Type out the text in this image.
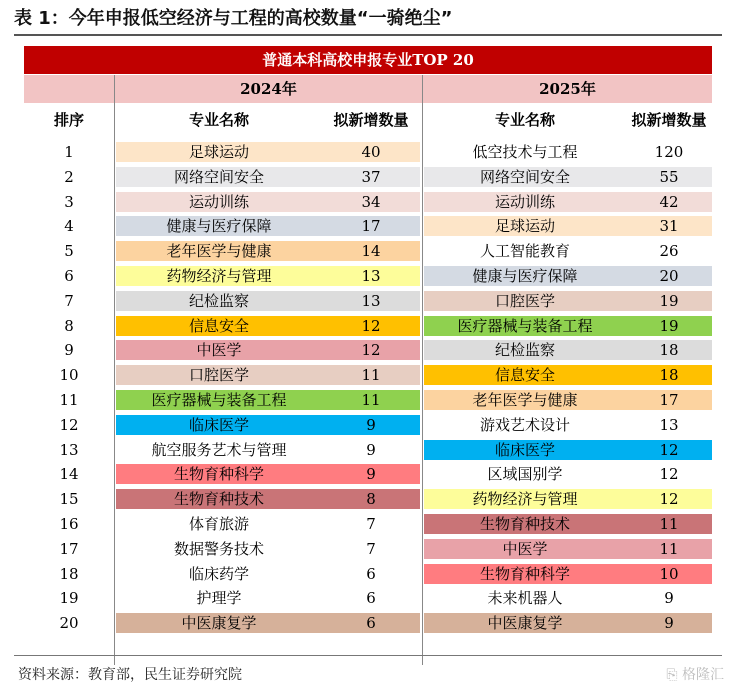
表 1：今年申报低空经济与工程的高校数量“一骑绝尘”
普通本科高校申报专业TOP 20
2024年	2025年
排序	专业名称	拟新增数量	专业名称	拟新增数量
1	足球运动	40	低空技术与工程	120
2	网络空间安全	37	网络空间安全	55
3	运动训练	34	运动训练	42
4	健康与医疗保障	17	足球运动	31
5	老年医学与健康	14	人工智能教育	26
6	药物经济与管理	13	健康与医疗保障	20
7	纪检监察	13	口腔医学	19
8	信息安全	12	医疗器械与装备工程	19
9	中医学	12	纪检监察	18
10	口腔医学	11	信息安全	18
11	医疗器械与装备工程	11	老年医学与健康	17
12	临床医学	9	游戏艺术设计	13
13	航空服务艺术与管理	9	临床医学	12
14	生物育种科学	9	区域国别学	12
15	生物育种技术	8	药物经济与管理	12
16	体育旅游	7	生物育种技术	11
17	数据警务技术	7	中医学	11
18	临床药学	6	生物育种科学	10
19	护理学	6	未来机器人	9
20	中医康复学	6	中医康复学	9
资料来源：教育部，民生证券研究院	⎘ 格隆汇
